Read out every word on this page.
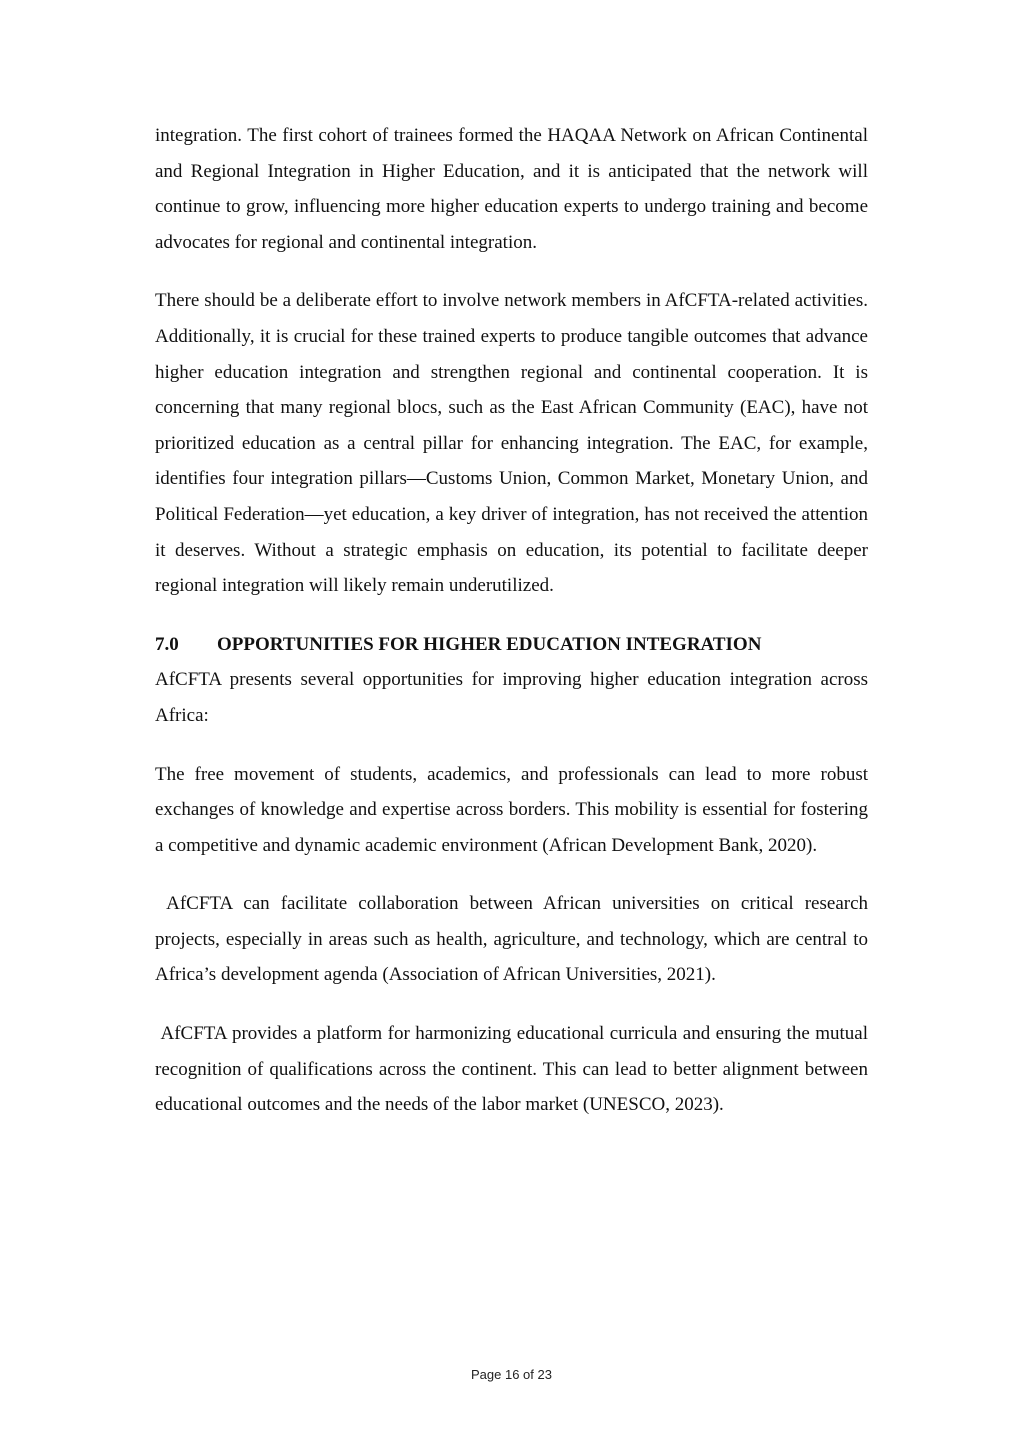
integration. The first cohort of trainees formed the HAQAA Network on African Continental and Regional Integration in Higher Education, and it is anticipated that the network will continue to grow, influencing more higher education experts to undergo training and become advocates for regional and continental integration.

There should be a deliberate effort to involve network members in AfCFTA-related activities. Additionally, it is crucial for these trained experts to produce tangible outcomes that advance higher education integration and strengthen regional and continental cooperation. It is concerning that many regional blocs, such as the East African Community (EAC), have not prioritized education as a central pillar for enhancing integration. The EAC, for example, identifies four integration pillars—Customs Union, Common Market, Monetary Union, and Political Federation—yet education, a key driver of integration, has not received the attention it deserves. Without a strategic emphasis on education, its potential to facilitate deeper regional integration will likely remain underutilized.

7.0	OPPORTUNITIES FOR HIGHER EDUCATION INTEGRATION

AfCFTA presents several opportunities for improving higher education integration across Africa:

The free movement of students, academics, and professionals can lead to more robust exchanges of knowledge and expertise across borders. This mobility is essential for fostering a competitive and dynamic academic environment (African Development Bank, 2020).

AfCFTA can facilitate collaboration between African universities on critical research projects, especially in areas such as health, agriculture, and technology, which are central to Africa’s development agenda (Association of African Universities, 2021).

AfCFTA provides a platform for harmonizing educational curricula and ensuring the mutual recognition of qualifications across the continent. This can lead to better alignment between educational outcomes and the needs of the labor market (UNESCO, 2023).

Page 16 of 23
